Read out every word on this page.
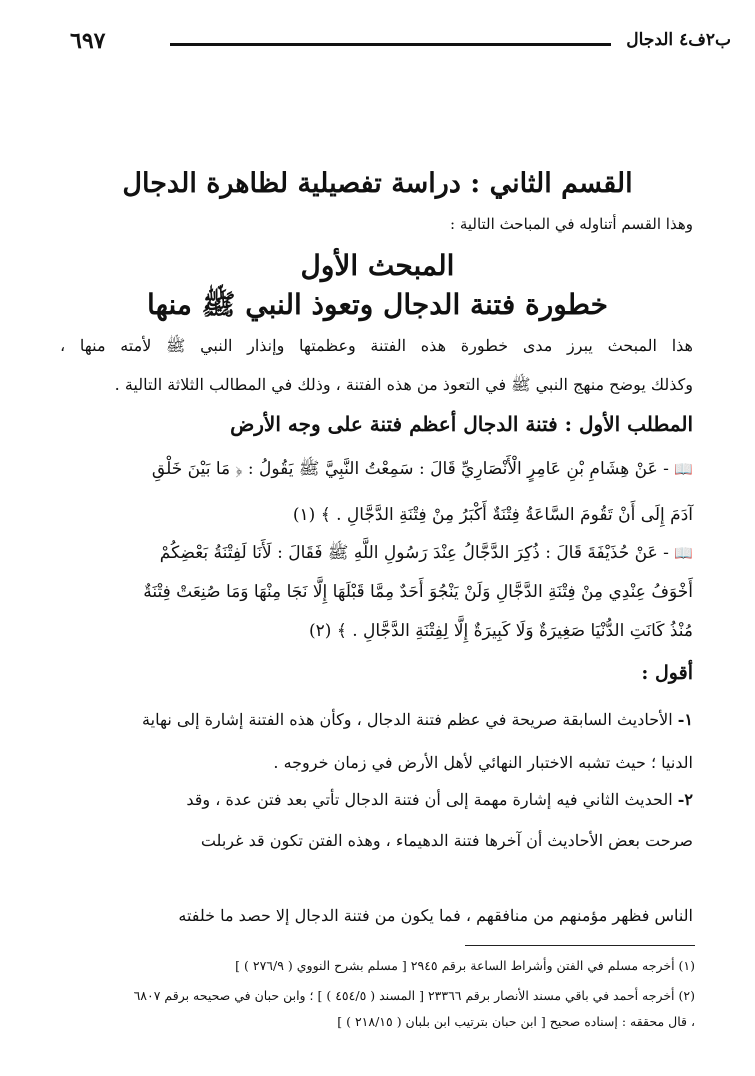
ب٢ف٤ الدجال
٦٩٧
القسم الثاني : دراسة تفصيلية لظاهرة الدجال
وهذا القسم أتناوله في المباحث التالية :
المبحث الأول
خطورة فتنة الدجال وتعوذ النبي ﷺ منها
هذا المبحث يبرز مدى خطورة هذه الفتنة وعظمتها وإنذار النبي ﷺ لأمته منها ،
وكذلك يوضح منهج النبي ﷺ في التعوذ من هذه الفتنة ، وذلك في المطالب الثلاثة التالية .
المطلب الأول : فتنة الدجال أعظم فتنة على وجه الأرض
📖 - عَنْ هِشَامِ بْنِ عَامِرٍ الْأَنْصَارِيِّ قَالَ : سَمِعْتُ النَّبِيَّ ﷺ يَقُولُ : ﴿ مَا بَيْنَ خَلْقِ
آدَمَ إِلَى أَنْ تَقُومَ السَّاعَةُ فِتْنَةٌ أَكْبَرُ مِنْ فِتْنَةِ الدَّجَّالِ . ﴾ (١)
📖 - عَنْ حُذَيْفَةَ قَالَ : ذُكِرَ الدَّجَّالُ عِنْدَ رَسُولِ اللَّهِ ﷺ فَقَالَ : لَأَنَا لَفِتْنَةُ بَعْضِكُمْ
أَخْوَفُ عِنْدِي مِنْ فِتْنَةِ الدَّجَّالِ وَلَنْ يَنْجُوَ أَحَدٌ مِمَّا قَبْلَهَا إِلَّا نَجَا مِنْهَا وَمَا صُنِعَتْ فِتْنَةٌ
مُنْذُ كَانَتِ الدُّنْيَا صَغِيرَةٌ وَلَا كَبِيرَةٌ إِلَّا لِفِتْنَةِ الدَّجَّالِ . ﴾ (٢)
أقول :
١- الأحاديث السابقة صريحة في عظم فتنة الدجال ، وكأن هذه الفتنة إشارة إلى نهاية
الدنيا ؛ حيث تشبه الاختبار النهائي لأهل الأرض في زمان خروجه .
٢- الحديث الثاني فيه إشارة مهمة إلى أن فتنة الدجال تأتي بعد فتن عدة ، وقد
صرحت بعض الأحاديث أن آخرها فتنة الدهيماء ، وهذه الفتن تكون قد غربلت
الناس فظهر مؤمنهم من منافقهم ، فما يكون من فتنة الدجال إلا حصد ما خلفته
(١) أخرجه مسلم في الفتن وأشراط الساعة برقم ٢٩٤٥ [ مسلم بشرح النووي ( ٢٧٦/٩ ) ]
(٢) أخرجه أحمد في باقي مسند الأنصار برقم ٢٣٣٦٦ [ المسند ( ٤٥٤/٥ ) ] ؛ وابن حبان في صحيحه برقم ٦٨٠٧
، قال محققه : إسناده صحيح [ ابن حبان بترتيب ابن بلبان ( ٢١٨/١٥ ) ]
